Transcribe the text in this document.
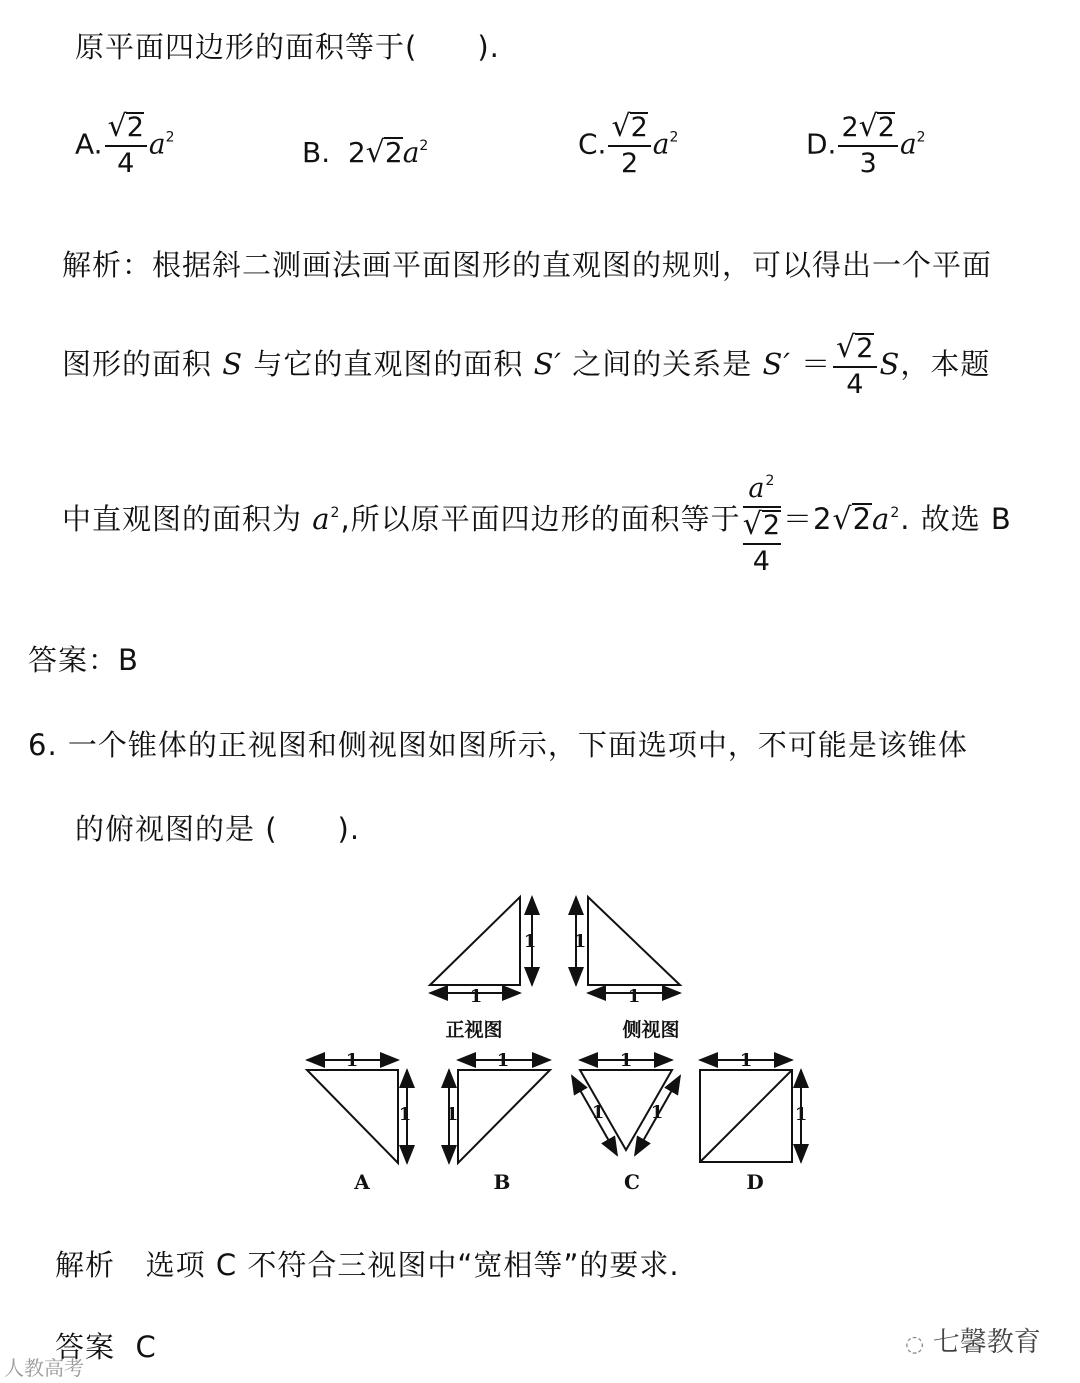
原平面四边形的面积等于(　　).
A. $\frac{√2}{4} a^2$	B. $2√2a^2$	C. $\frac{√2}{2} a^2$	D. $\frac{2√2}{3} a^2$
解析：根据斜二测画法画平面图形的直观图的规则，可以得出一个平面
图形的面积 S 与它的直观图的面积 S′ 之间的关系是 $S' = \frac{√2}{4}$ S，本题
中直观图的面积为 $a^2$,所以原平面四边形的面积等于 $a^2$
√2
$4 =2√2a^2$. 故选 B
答案：B
6. 一个锥体的正视图和侧视图如图所示，下面选项中，不可能是该锥体
的俯视图的是 (　　).
1 1
1	1
正视图	侧视图
1
1
1
1
1
1	1
1
1
A	B	C	D
解析 选项 C 不符合三视图中“宽相等”的要求.
答案 C	◌ 七馨教育
人教高考
